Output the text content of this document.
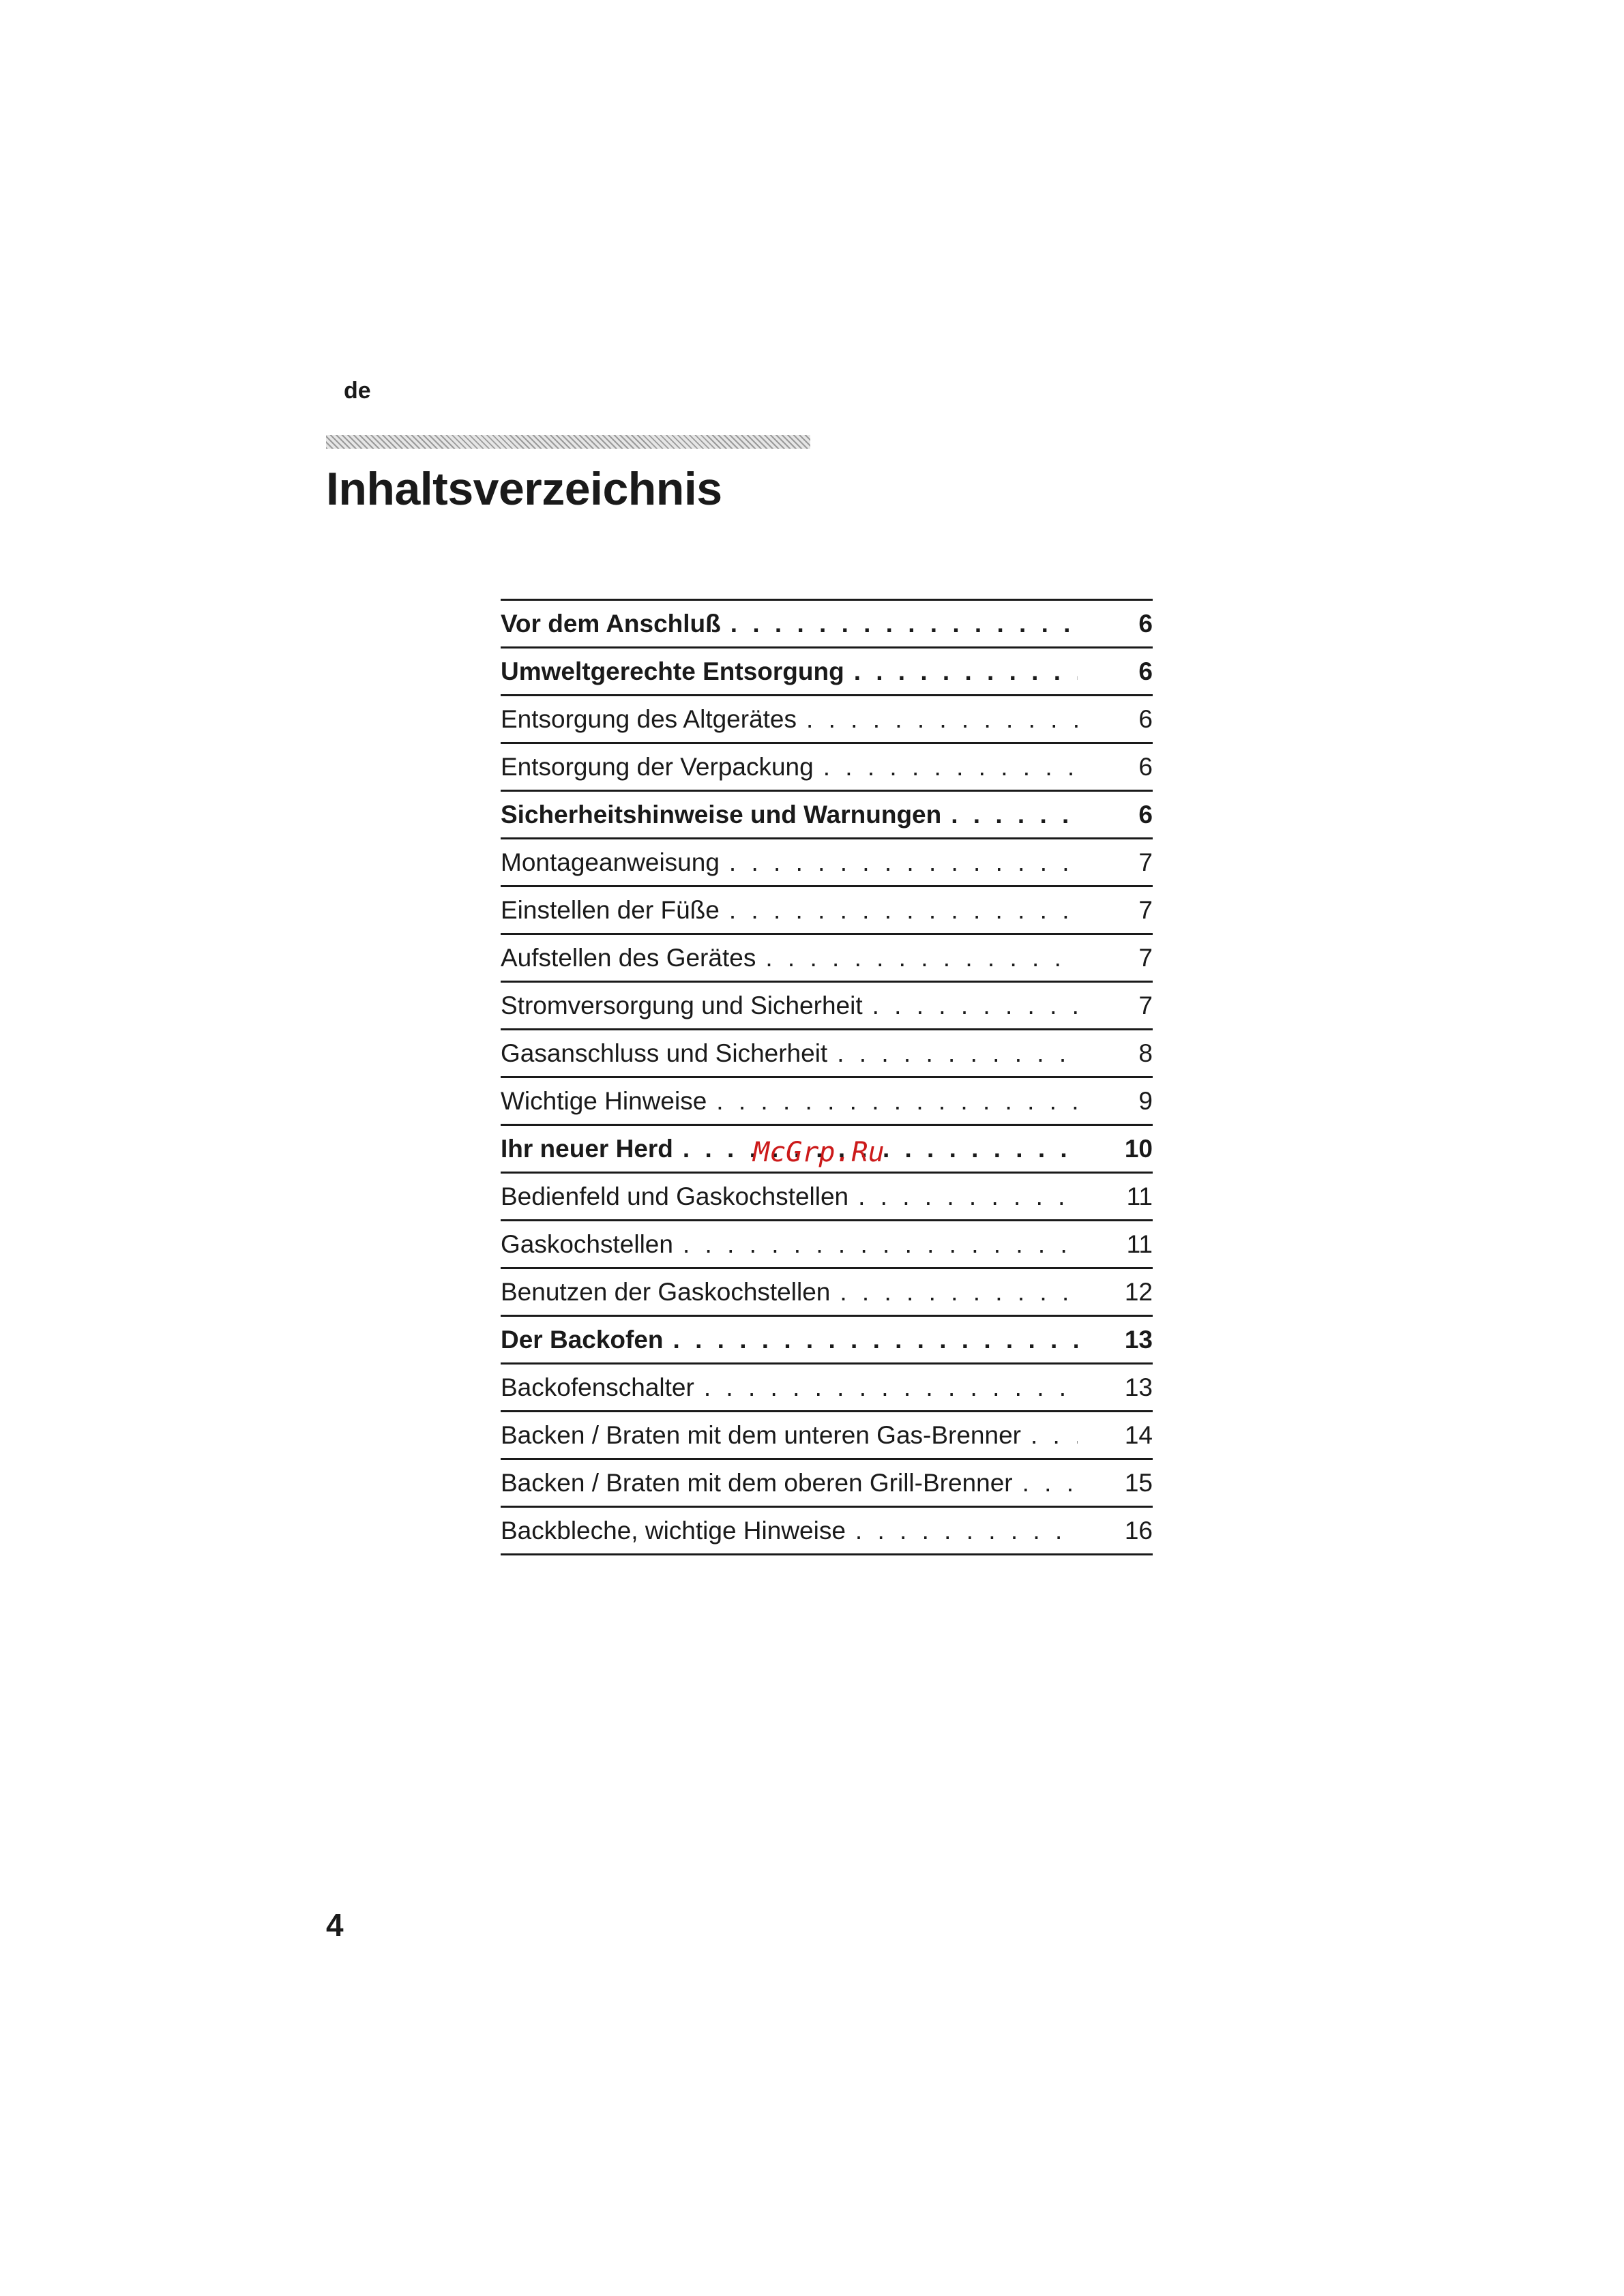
de
Inhaltsverzeichnis
Vor dem Anschluß . . .	6
Umweltgerechte Entsorgung . . .	6
Entsorgung des Altgerätes . . .	6
Entsorgung der Verpackung . . .	6
Sicherheitshinweise und Warnungen . . .	6
Montageanweisung . . .	7
Einstellen der Füße . . .	7
Aufstellen des Gerätes . . .	7
Stromversorgung und Sicherheit . . .	7
Gasanschluss und Sicherheit . . .	8
Wichtige Hinweise . . .	9
Ihr neuer Herd . . .	10
Bedienfeld und Gaskochstellen . . .	11
Gaskochstellen . . .	11
Benutzen der Gaskochstellen . . .	12
Der Backofen . . .	13
Backofenschalter . . .	13
Backen / Braten mit dem unteren Gas-Brenner . . .	14
Backen / Braten mit dem oberen Grill-Brenner . . .	15
Backbleche, wichtige Hinweise . . .	16
McGrp.Ru
4
